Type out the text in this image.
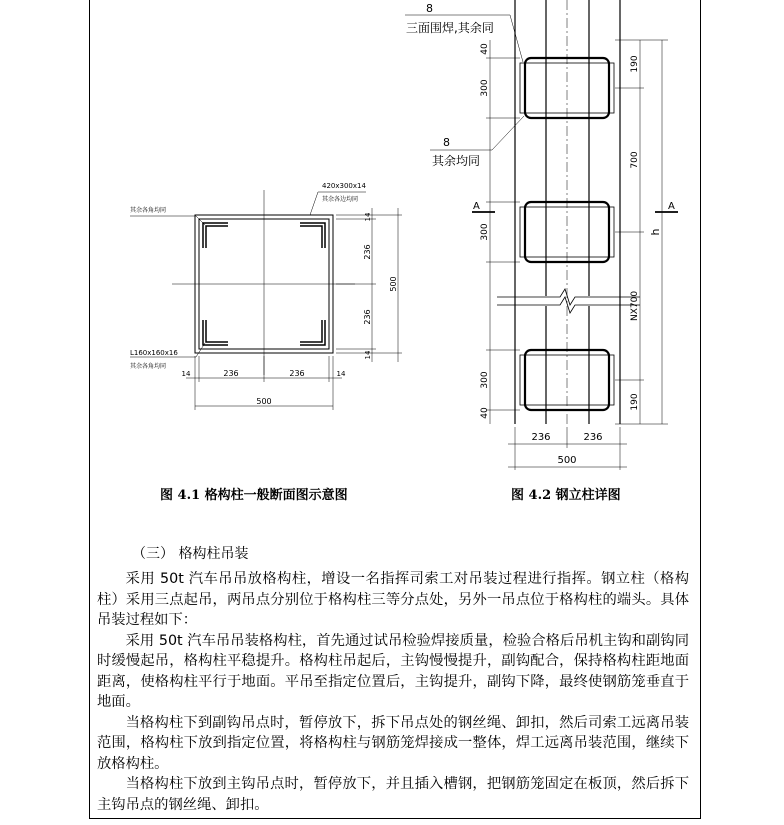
其余各角均同
420x300x14
其余各边均同
L160x160x16
其余各角均同
14
236
236
500
14
14	236	236	14
500
8
三面围焊,其余同
8
其余均同
40
300
190
700
h
A	A
300
NX700
300
40
190
236	236
500
图 4.1 格构柱一般断面图示意图	图 4.2 钢立柱详图
（三） 格构柱吊装

采用 50t 汽车吊吊放格构柱，增设一名指挥司索工对吊装过程进行指挥。钢立柱（格构柱）采用三点起吊，两吊点分别位于格构柱三等分点处，另外一吊点位于格构柱的端头。具体吊装过程如下：

采用 50t 汽车吊吊装格构柱，首先通过试吊检验焊接质量，检验合格后吊机主钩和副钩同时缓慢起吊，格构柱平稳提升。格构柱吊起后，主钩慢慢提升，副钩配合，保持格构柱距地面距离，使格构柱平行于地面。平吊至指定位置后，主钩提升，副钩下降，最终使钢筋笼垂直于地面。

当格构柱下到副钩吊点时，暂停放下，拆下吊点处的钢丝绳、卸扣，然后司索工远离吊装范围，格构柱下放到指定位置，将格构柱与钢筋笼焊接成一整体，焊工远离吊装范围，继续下放格构柱。

当格构柱下放到主钩吊点时，暂停放下，并且插入槽钢，把钢筋笼固定在板顶，然后拆下主钩吊点的钢丝绳、卸扣。
